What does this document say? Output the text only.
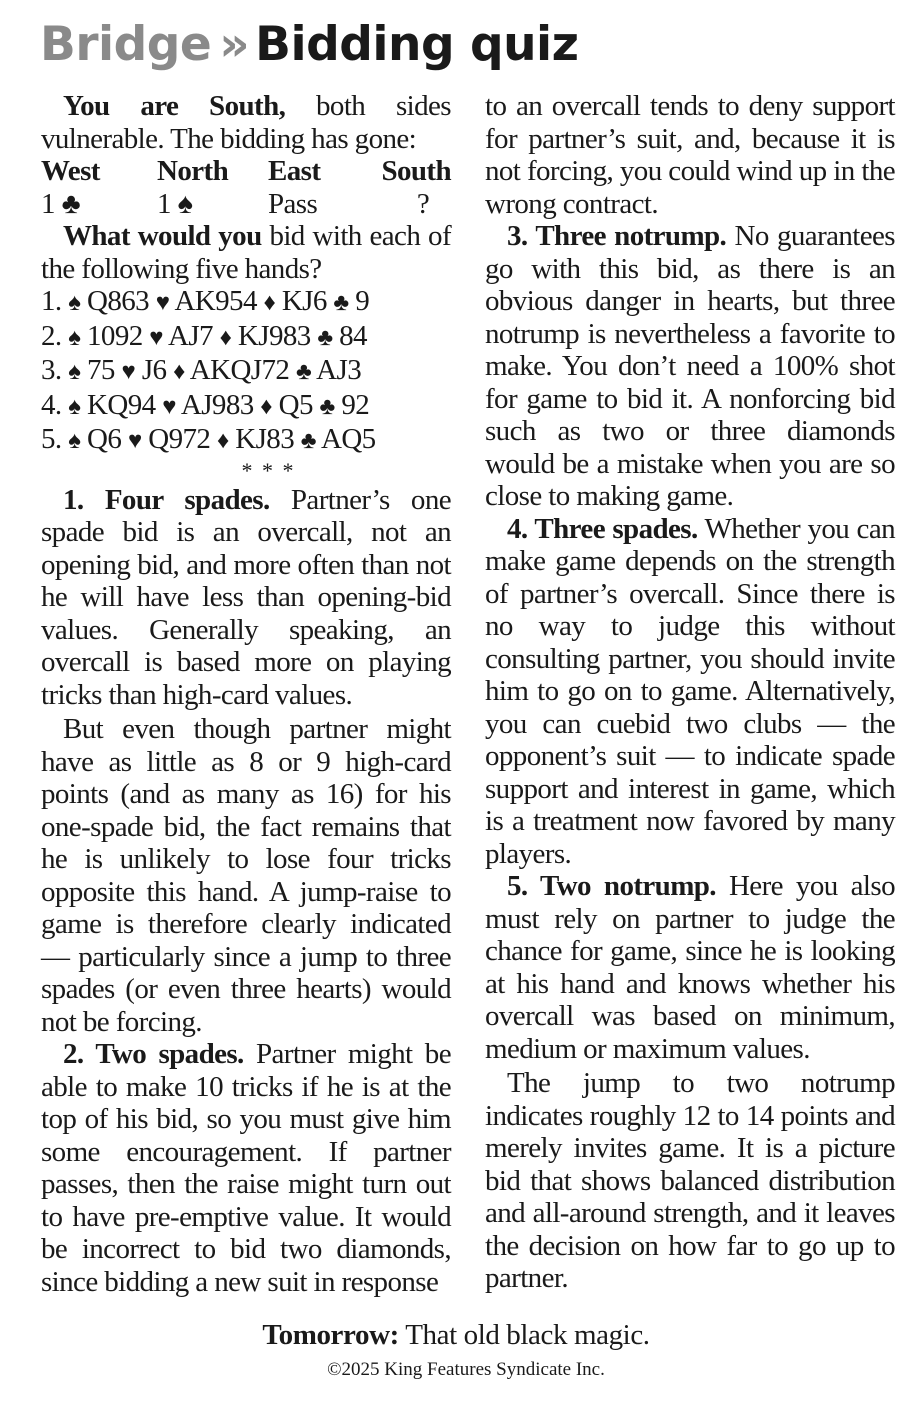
Bridge » Bidding quiz

You are South, both sides vulnerable. The bidding has gone:

West	North	East	South
1 ♣	1 ♠	Pass	?

What would you bid with each of the following five hands?

1. ♠ Q863 ♥ AK954 ♦ KJ6 ♣ 9
2. ♠ 1092 ♥ AJ7 ♦ KJ983 ♣ 84
3. ♠ 75 ♥ J6 ♦ AKQJ72 ♣ AJ3
4. ♠ KQ94 ♥ AJ983 ♦ Q5 ♣ 92
5. ♠ Q6 ♥ Q972 ♦ KJ83 ♣ AQ5
* * *

1. Four spades. Partner’s one spade bid is an overcall, not an opening bid, and more often than not he will have less than opening-bid values. Generally speaking, an overcall is based more on playing tricks than high-card values.

But even though partner might have as little as 8 or 9 high-card points (and as many as 16) for his one-spade bid, the fact remains that he is unlikely to lose four tricks opposite this hand. A jump-raise to game is therefore clearly indicated — particularly since a jump to three spades (or even three hearts) would not be forcing.

2. Two spades. Partner might be able to make 10 tricks if he is at the top of his bid, so you must give him some encouragement. If partner passes, then the raise might turn out to have pre-emptive value. It would be incorrect to bid two diamonds, since bidding a new suit in response

to an overcall tends to deny support for partner’s suit, and, because it is not forcing, you could wind up in the wrong contract.

3. Three notrump. No guarantees go with this bid, as there is an obvious danger in hearts, but three notrump is nevertheless a favorite to make. You don’t need a 100% shot for game to bid it. A nonforcing bid such as two or three diamonds would be a mistake when you are so close to making game.

4. Three spades. Whether you can make game depends on the strength of partner’s overcall. Since there is no way to judge this without consulting partner, you should invite him to go on to game. Alternatively, you can cuebid two clubs — the opponent’s suit — to indicate spade support and interest in game, which is a treatment now favored by many players.

5. Two notrump. Here you also must rely on partner to judge the chance for game, since he is looking at his hand and knows whether his overcall was based on minimum, medium or maximum values.

The jump to two notrump indicates roughly 12 to 14 points and merely invites game. It is a picture bid that shows balanced distribution and all-around strength, and it leaves the decision on how far to go up to partner.

Tomorrow: That old black magic.
©2025 King Features Syndicate Inc.
